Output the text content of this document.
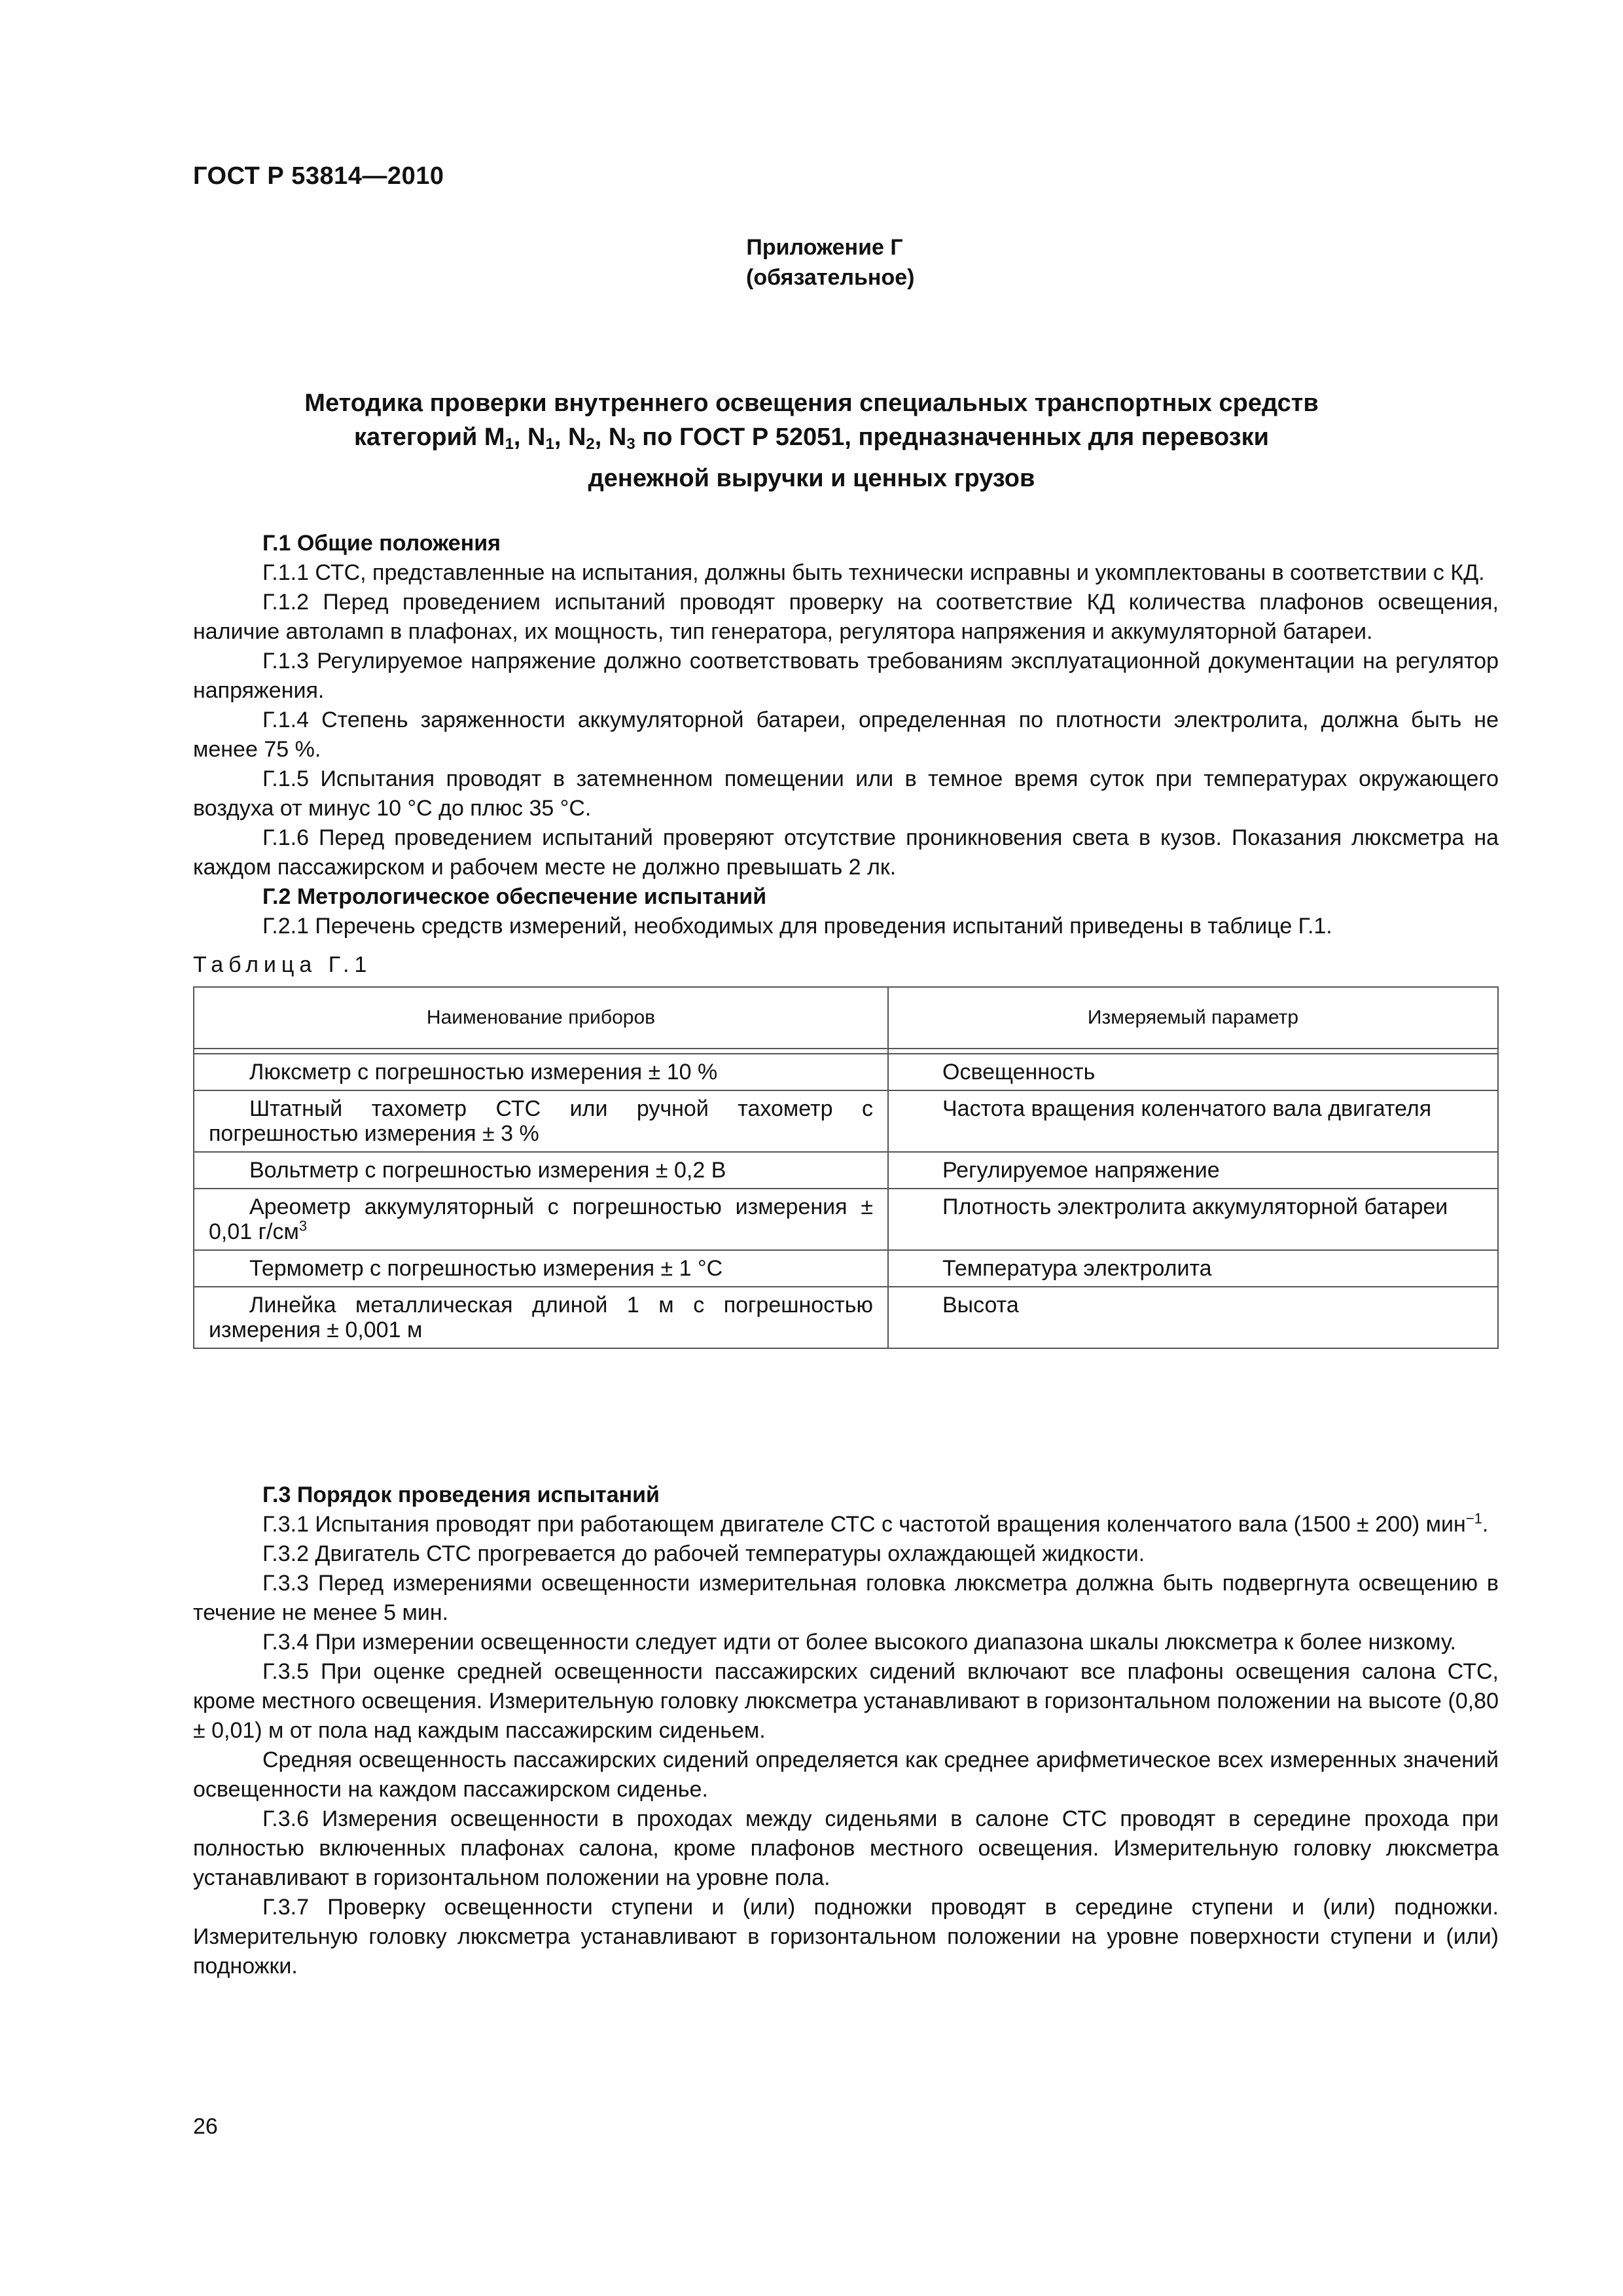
ГОСТ Р 53814—2010
Приложение Г
(обязательное)
Методика проверки внутреннего освещения специальных транспортных средств
категорий $М_1$, $N_1$, $N_2$, $N_3$ по ГОСТ Р 52051, предназначенных для перевозки
денежной выручки и ценных грузов

Г.1 Общие положения

Г.1.1 СТС, представленные на испытания, должны быть технически исправны и укомплектованы в соответствии с КД.

Г.1.2 Перед проведением испытаний проводят проверку на соответствие КД количества плафонов освещения, наличие автоламп в плафонах, их мощность, тип генератора, регулятора напряжения и аккумуляторной батареи.

Г.1.3 Регулируемое напряжение должно соответствовать требованиям эксплуатационной документации на регулятор напряжения.

Г.1.4 Степень заряженности аккумуляторной батареи, определенная по плотности электролита, должна быть не менее 75 %.

Г.1.5 Испытания проводят в затемненном помещении или в темное время суток при температурах окружающего воздуха от минус 10 °С до плюс 35 °С.

Г.1.6 Перед проведением испытаний проверяют отсутствие проникновения света в кузов. Показания люксметра на каждом пассажирском и рабочем месте не должно превышать 2 лк.

Г.2 Метрологическое обеспечение испытаний

Г.2.1 Перечень средств измерений, необходимых для проведения испытаний приведены в таблице Г.1.

Таблица Г.1

Наименование приборов	Измеряемый параметр

Люксметр с погрешностью измерения ± 10 %	Освещенность
Штатный тахометр СТС или ручной тахометр с погрешностью измерения ± 3 %	Частота вращения коленчатого вала двигателя
Вольтметр с погрешностью измерения ± 0,2 В	Регулируемое напряжение
Ареометр аккумуляторный с погрешностью измерения ± 0,01 $г/см^3$	Плотность электролита аккумуляторной батареи
Термометр с погрешностью измерения ± 1 °С	Температура электролита
Линейка металлическая длиной 1 м с погрешностью измерения ± 0,001 м	Высота

Г.3 Порядок проведения испытаний

Г.3.1 Испытания проводят при работающем двигателе СТС с частотой вращения коленчатого вала (1500 ± 200) мин$^{-1}$.

Г.3.2 Двигатель СТС прогревается до рабочей температуры охлаждающей жидкости.

Г.3.3 Перед измерениями освещенности измерительная головка люксметра должна быть подвергнута освещению в течение не менее 5 мин.

Г.3.4 При измерении освещенности следует идти от более высокого диапазона шкалы люксметра к более низкому.

Г.3.5 При оценке средней освещенности пассажирских сидений включают все плафоны освещения салона СТС, кроме местного освещения. Измерительную головку люксметра устанавливают в горизонтальном положении на высоте (0,80 ± 0,01) м от пола над каждым пассажирским сиденьем.

Средняя освещенность пассажирских сидений определяется как среднее арифметическое всех измеренных значений освещенности на каждом пассажирском сиденье.

Г.3.6 Измерения освещенности в проходах между сиденьями в салоне СТС проводят в середине прохода при полностью включенных плафонах салона, кроме плафонов местного освещения. Измерительную головку люксметра устанавливают в горизонтальном положении на уровне пола.

Г.3.7 Проверку освещенности ступени и (или) подножки проводят в середине ступени и (или) подножки. Измерительную головку люксметра устанавливают в горизонтальном положении на уровне поверхности ступени и (или) подножки.

26
